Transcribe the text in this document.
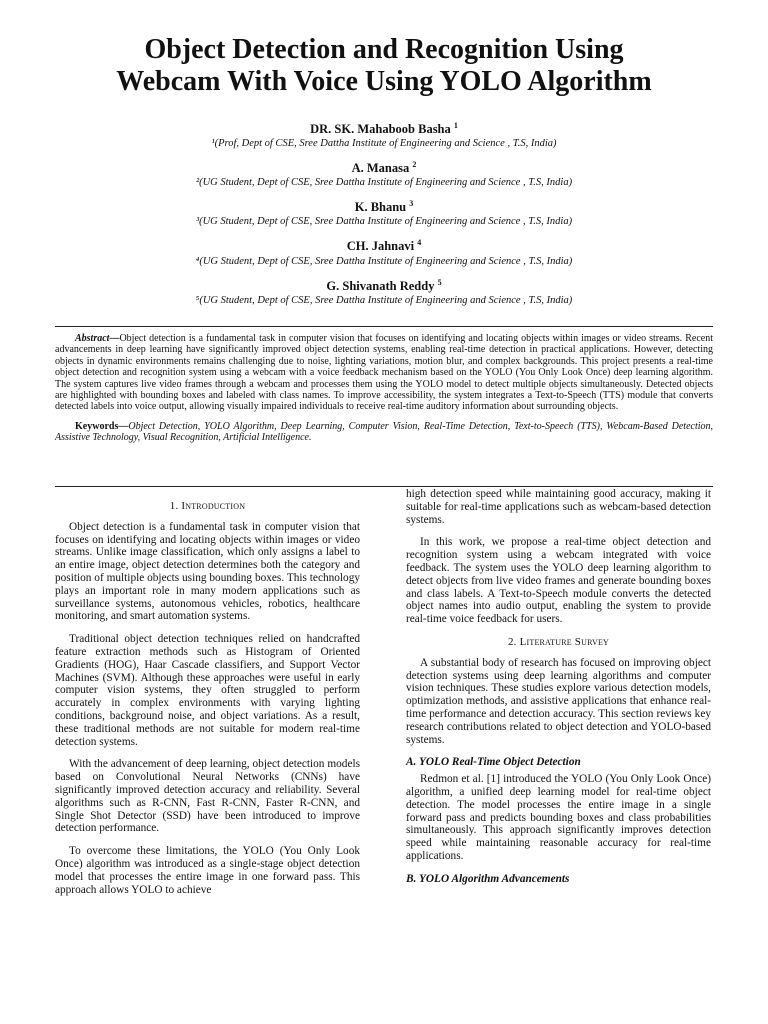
Object Detection and Recognition Using
Webcam With Voice Using YOLO Algorithm
DR. SK. Mahaboob Basha $^1$
¹(Prof, Dept of CSE, Sree Dattha Institute of Engineering and Science , T.S, India)
A. Manasa $^2$
²(UG Student, Dept of CSE, Sree Dattha Institute of Engineering and Science , T.S, India)
K. Bhanu $^3$
³(UG Student, Dept of CSE, Sree Dattha Institute of Engineering and Science , T.S, India)
CH. Jahnavi $^4$
⁴(UG Student, Dept of CSE, Sree Dattha Institute of Engineering and Science , T.S, India)
G. Shivanath Reddy $^5$
⁵(UG Student, Dept of CSE, Sree Dattha Institute of Engineering and Science , T.S, India)

Abstract—Object detection is a fundamental task in computer vision that focuses on identifying and locating objects within images or video streams. Recent advancements in deep learning have significantly improved object detection systems, enabling real-time detection in practical applications. However, detecting objects in dynamic environments remains challenging due to noise, lighting variations, motion blur, and complex backgrounds. This project presents a real-time object detection and recognition system using a webcam with a voice feedback mechanism based on the YOLO (You Only Look Once) deep learning algorithm. The system captures live video frames through a webcam and processes them using the YOLO model to detect multiple objects simultaneously. Detected objects are highlighted with bounding boxes and labeled with class names. To improve accessibility, the system integrates a Text-to-Speech (TTS) module that converts detected labels into voice output, allowing visually impaired individuals to receive real-time auditory information about surrounding objects.

Keywords—Object Detection, YOLO Algorithm, Deep Learning, Computer Vision, Real-Time Detection, Text-to-Speech (TTS), Webcam-Based Detection, Assistive Technology, Visual Recognition, Artificial Intelligence.

1. Introduction

Object detection is a fundamental task in computer vision that focuses on identifying and locating objects within images or video streams. Unlike image classification, which only assigns a label to an entire image, object detection determines both the category and position of multiple objects using bounding boxes. This technology plays an important role in many modern applications such as surveillance systems, autonomous vehicles, robotics, healthcare monitoring, and smart automation systems.

Traditional object detection techniques relied on handcrafted feature extraction methods such as Histogram of Oriented Gradients (HOG), Haar Cascade classifiers, and Support Vector Machines (SVM). Although these approaches were useful in early computer vision systems, they often struggled to perform accurately in complex environments with varying lighting conditions, background noise, and object variations. As a result, these traditional methods are not suitable for modern real-time detection systems.

With the advancement of deep learning, object detection models based on Convolutional Neural Networks (CNNs) have significantly improved detection accuracy and reliability. Several algorithms such as R-CNN, Fast R-CNN, Faster R-CNN, and Single Shot Detector (SSD) have been introduced to improve detection performance.

To overcome these limitations, the YOLO (You Only Look Once) algorithm was introduced as a single-stage object detection model that processes the entire image in one forward pass. This approach allows YOLO to achieve

high detection speed while maintaining good accuracy, making it suitable for real-time applications such as webcam-based detection systems.

In this work, we propose a real-time object detection and recognition system using a webcam integrated with voice feedback. The system uses the YOLO deep learning algorithm to detect objects from live video frames and generate bounding boxes and class labels. A Text-to-Speech module converts the detected object names into audio output, enabling the system to provide real-time voice feedback for users.

2. Literature Survey

A substantial body of research has focused on improving object detection systems using deep learning algorithms and computer vision techniques. These studies explore various detection models, optimization methods, and assistive applications that enhance real-time performance and detection accuracy. This section reviews key research contributions related to object detection and YOLO-based systems.

A. YOLO Real-Time Object Detection

Redmon et al. [1] introduced the YOLO (You Only Look Once) algorithm, a unified deep learning model for real-time object detection. The model processes the entire image in a single forward pass and predicts bounding boxes and class probabilities simultaneously. This approach significantly improves detection speed while maintaining reasonable accuracy for real-time applications.

B. YOLO Algorithm Advancements
